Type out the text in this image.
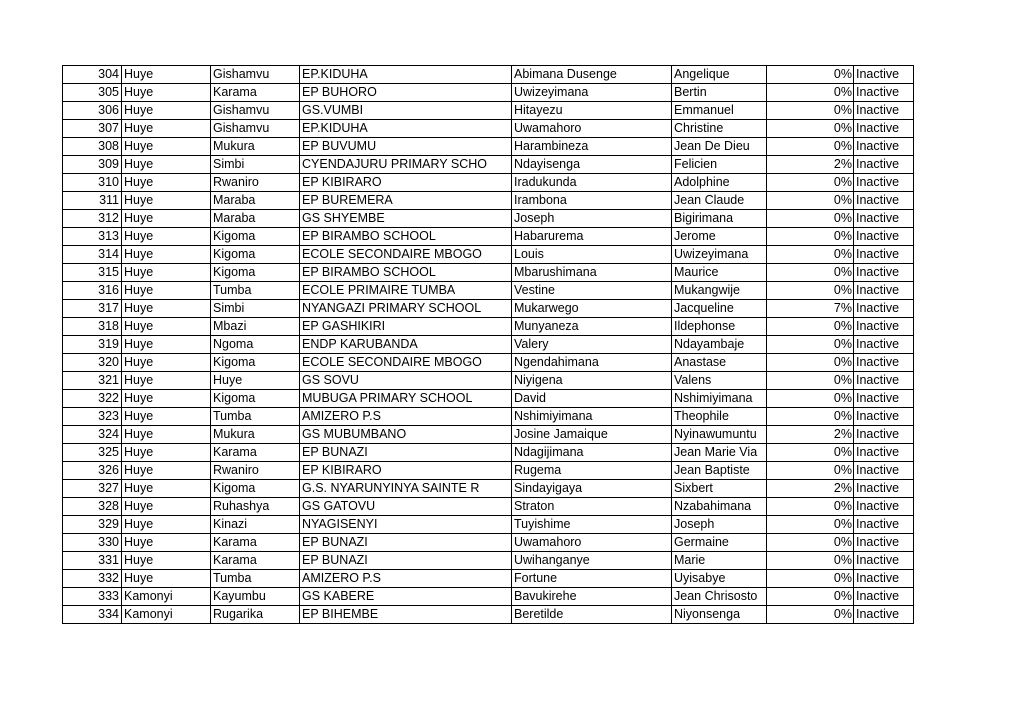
304	Huye	Gishamvu	EP.KIDUHA	Abimana Dusenge	Angelique	0%	Inactive
305	Huye	Karama	EP BUHORO	Uwizeyimana	Bertin	0%	Inactive
306	Huye	Gishamvu	GS.VUMBI	Hitayezu	Emmanuel	0%	Inactive
307	Huye	Gishamvu	EP.KIDUHA	Uwamahoro	Christine	0%	Inactive
308	Huye	Mukura	EP BUVUMU	Harambineza	Jean De Dieu	0%	Inactive
309	Huye	Simbi	CYENDAJURU PRIMARY SCHO	Ndayisenga	Felicien	2%	Inactive
310	Huye	Rwaniro	EP KIBIRARO	Iradukunda	Adolphine	0%	Inactive
311	Huye	Maraba	EP BUREMERA	Irambona	Jean Claude	0%	Inactive
312	Huye	Maraba	GS SHYEMBE	Joseph	Bigirimana	0%	Inactive
313	Huye	Kigoma	EP BIRAMBO SCHOOL	Habarurema	Jerome	0%	Inactive
314	Huye	Kigoma	ECOLE SECONDAIRE MBOGO	Louis	Uwizeyimana	0%	Inactive
315	Huye	Kigoma	EP BIRAMBO SCHOOL	Mbarushimana	Maurice	0%	Inactive
316	Huye	Tumba	ECOLE PRIMAIRE TUMBA	Vestine	Mukangwije	0%	Inactive
317	Huye	Simbi	NYANGAZI PRIMARY SCHOOL	Mukarwego	Jacqueline	7%	Inactive
318	Huye	Mbazi	EP GASHIKIRI	Munyaneza	Ildephonse	0%	Inactive
319	Huye	Ngoma	ENDP KARUBANDA	Valery	Ndayambaje	0%	Inactive
320	Huye	Kigoma	ECOLE SECONDAIRE MBOGO	Ngendahimana	Anastase	0%	Inactive
321	Huye	Huye	GS SOVU	Niyigena	Valens	0%	Inactive
322	Huye	Kigoma	MUBUGA PRIMARY SCHOOL	David	Nshimiyimana	0%	Inactive
323	Huye	Tumba	AMIZERO P.S	Nshimiyimana	Theophile	0%	Inactive
324	Huye	Mukura	GS MUBUMBANO	Josine Jamaique	Nyinawumuntu	2%	Inactive
325	Huye	Karama	EP BUNAZI	Ndagijimana	Jean Marie Via	0%	Inactive
326	Huye	Rwaniro	EP KIBIRARO	Rugema	Jean Baptiste	0%	Inactive
327	Huye	Kigoma	G.S. NYARUNYINYA SAINTE R	Sindayigaya	Sixbert	2%	Inactive
328	Huye	Ruhashya	GS GATOVU	Straton	Nzabahimana	0%	Inactive
329	Huye	Kinazi	NYAGISENYI	Tuyishime	Joseph	0%	Inactive
330	Huye	Karama	EP BUNAZI	Uwamahoro	Germaine	0%	Inactive
331	Huye	Karama	EP BUNAZI	Uwihanganye	Marie	0%	Inactive
332	Huye	Tumba	AMIZERO P.S	Fortune	Uyisabye	0%	Inactive
333	Kamonyi	Kayumbu	GS KABERE	Bavukirehe	Jean Chrisosto	0%	Inactive
334	Kamonyi	Rugarika	EP BIHEMBE	Beretilde	Niyonsenga	0%	Inactive
